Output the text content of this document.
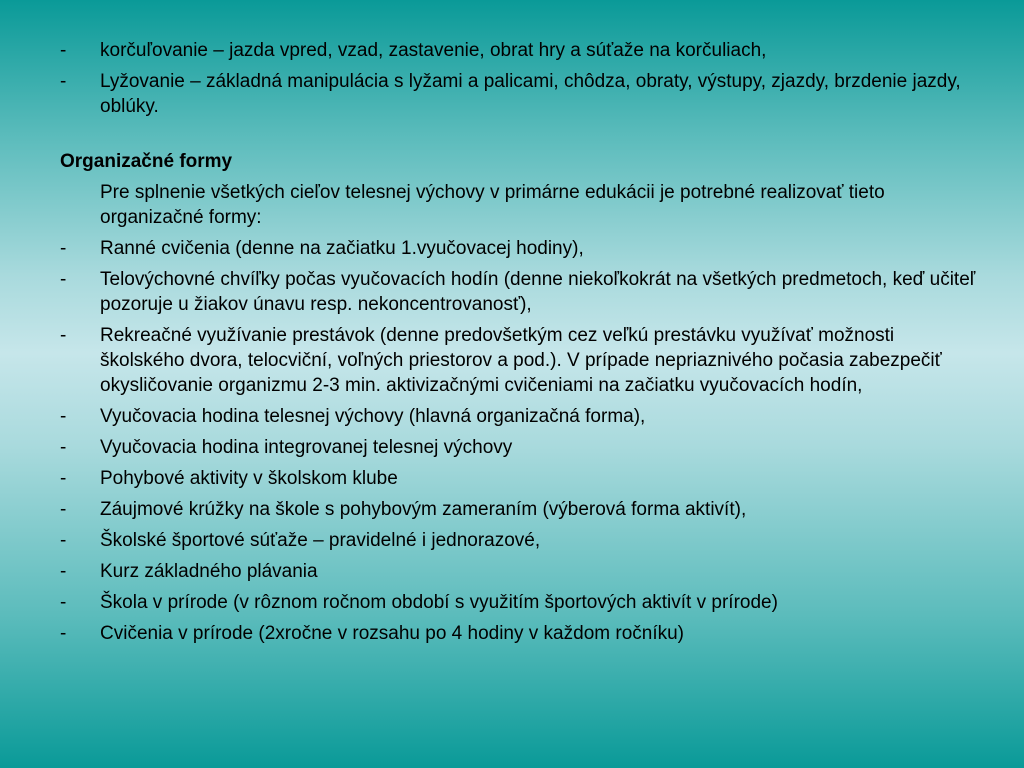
- korčuľovanie – jazda vpred, vzad, zastavenie, obrat hry a súťaže na korčuliach,
- Lyžovanie – základná manipulácia s lyžami a palicami, chôdza, obraty, výstupy, zjazdy, brzdenie jazdy, oblúky.
Organizačné formy
Pre splnenie všetkých cieľov telesnej výchovy v primárne edukácii je potrebné realizovať tieto organizačné formy:
- Ranné cvičenia (denne na začiatku 1.vyučovacej hodiny),
- Telovýchovné chvíľky počas vyučovacích hodín (denne niekoľkokrát na všetkých predmetoch, keď učiteľ pozoruje u žiakov únavu resp. nekoncentrovanosť),
- Rekreačné využívanie prestávok (denne predovšetkým cez veľkú prestávku využívať možnosti školského dvora, telocviční, voľných priestorov a pod.). V prípade nepriaznivého počasia zabezpečiť okysličovanie organizmu 2-3 min. aktivizačnými cvičeniami na začiatku vyučovacích hodín,
- Vyučovacia hodina telesnej výchovy (hlavná organizačná forma),
- Vyučovacia hodina integrovanej telesnej výchovy
- Pohybové aktivity v školskom klube
- Záujmové krúžky na škole s pohybovým zameraním (výberová forma aktivít),
- Školské športové súťaže – pravidelné i jednorazové,
- Kurz základného plávania
- Škola v prírode (v rôznom ročnom období s využitím športových aktivít v prírode)
- Cvičenia v prírode (2xročne v rozsahu po 4 hodiny v každom ročníku)
